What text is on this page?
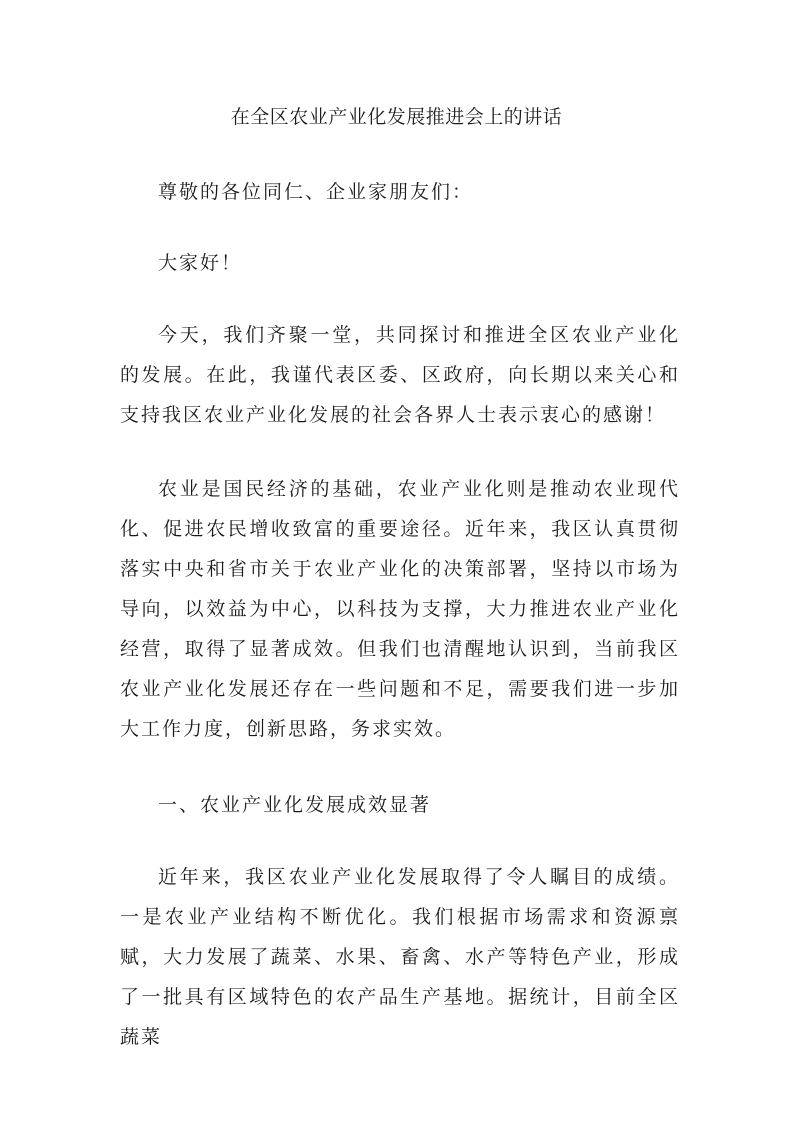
在全区农业产业化发展推进会上的讲话
尊敬的各位同仁、企业家朋友们：
大家好！
今天，我们齐聚一堂，共同探讨和推进全区农业产业化的发展。在此，我谨代表区委、区政府，向长期以来关心和支持我区农业产业化发展的社会各界人士表示衷心的感谢！
农业是国民经济的基础，农业产业化则是推动农业现代化、促进农民增收致富的重要途径。近年来，我区认真贯彻落实中央和省市关于农业产业化的决策部署，坚持以市场为导向，以效益为中心，以科技为支撑，大力推进农业产业化经营，取得了显著成效。但我们也清醒地认识到，当前我区农业产业化发展还存在一些问题和不足，需要我们进一步加大工作力度，创新思路，务求实效。
一、农业产业化发展成效显著
近年来，我区农业产业化发展取得了令人瞩目的成绩。一是农业产业结构不断优化。我们根据市场需求和资源禀赋，大力发展了蔬菜、水果、畜禽、水产等特色产业，形成了一批具有区域特色的农产品生产基地。据统计，目前全区蔬菜
